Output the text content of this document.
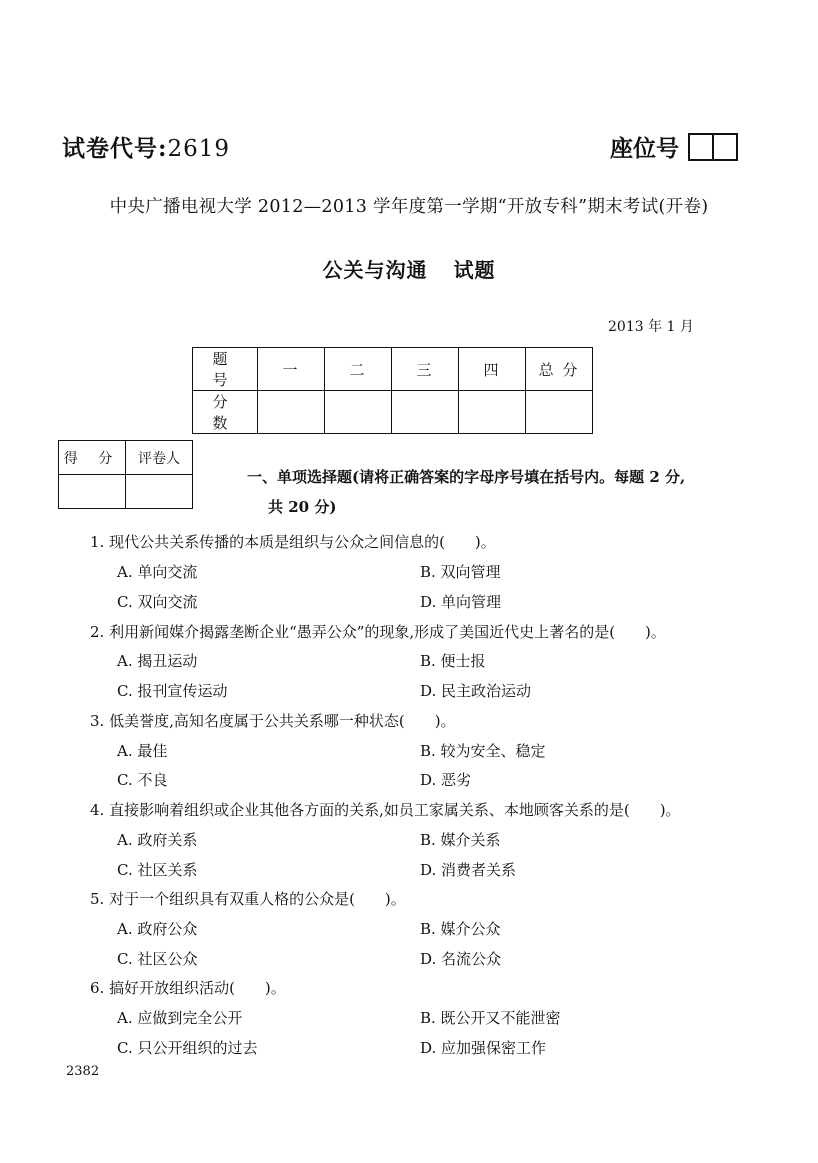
试卷代号:2619	座位号
中央广播电视大学 2012—2013 学年度第一学期“开放专科”期末考试(开卷)
公关与沟通 试题
2013 年 1 月
题 号	一	二	三	四	总 分
分 数					
得 分	评卷人

一、单项选择题(请将正确答案的字母序号填在括号内。每题 2 分,
共 20 分)
1. 现代公共关系传播的本质是组织与公众之间信息的(　　)。
A. 单向交流	B. 双向管理
C. 双向交流	D. 单向管理
2. 利用新闻媒介揭露垄断企业“愚弄公众”的现象,形成了美国近代史上著名的是(　　)。
A. 揭丑运动	B. 便士报
C. 报刊宣传运动	D. 民主政治运动
3. 低美誉度,高知名度属于公共关系哪一种状态(　　)。
A. 最佳	B. 较为安全、稳定
C. 不良	D. 恶劣
4. 直接影响着组织或企业其他各方面的关系,如员工家属关系、本地顾客关系的是(　　)。
A. 政府关系	B. 媒介关系
C. 社区关系	D. 消费者关系
5. 对于一个组织具有双重人格的公众是(　　)。
A. 政府公众	B. 媒介公众
C. 社区公众	D. 名流公众
6. 搞好开放组织活动(　　)。
A. 应做到完全公开	B. 既公开又不能泄密
C. 只公开组织的过去	D. 应加强保密工作
2382
